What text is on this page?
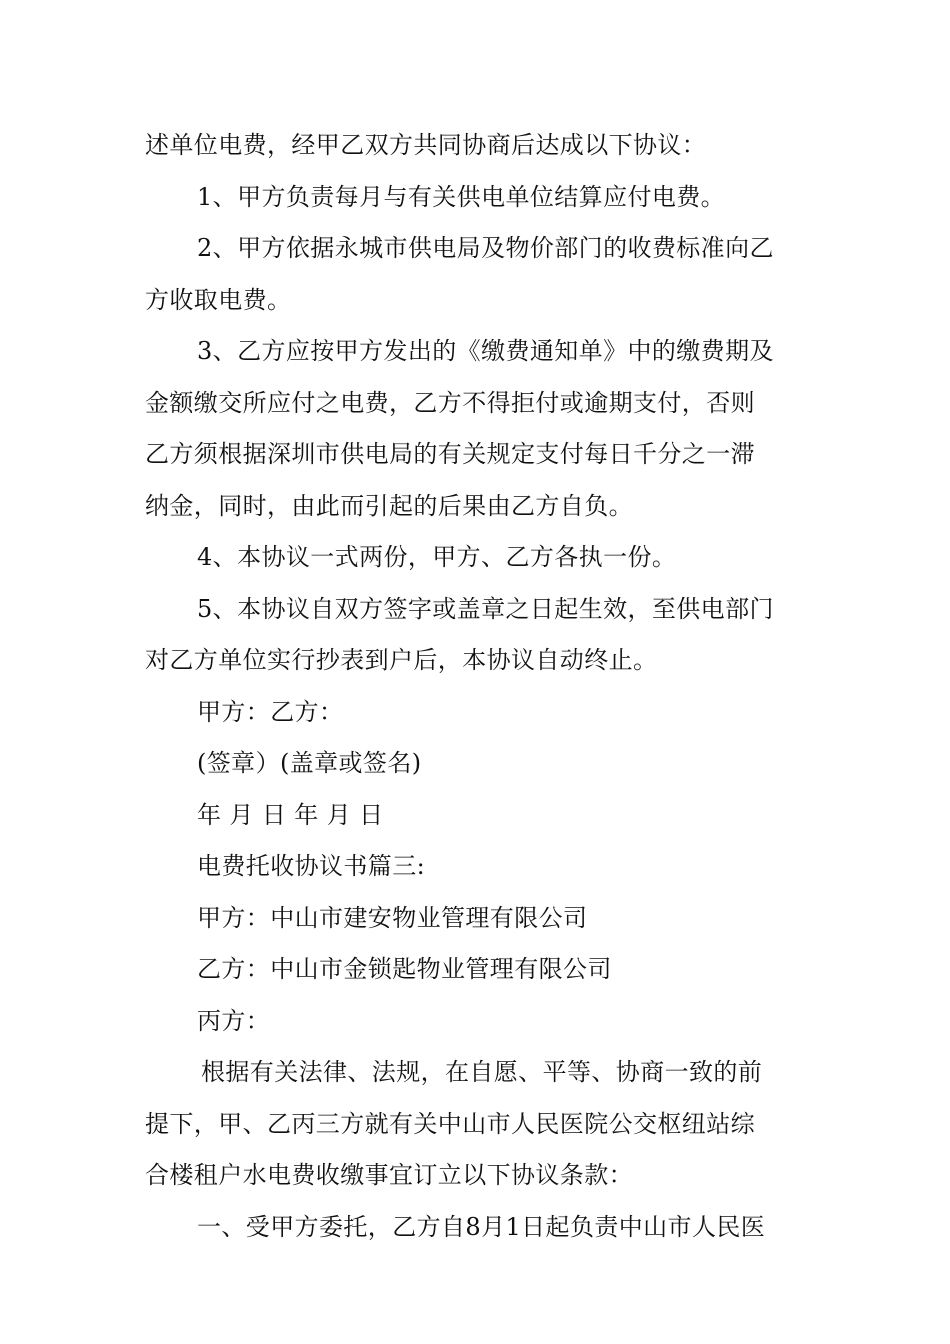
述单位电费，经甲乙双方共同协商后达成以下协议：
1、甲方负责每月与有关供电单位结算应付电费。
2、甲方依据永城市供电局及物价部门的收费标准向乙
方收取电费。
3、乙方应按甲方发出的《缴费通知单》中的缴费期及
金额缴交所应付之电费，乙方不得拒付或逾期支付，否则
乙方须根据深圳市供电局的有关规定支付每日千分之一滞
纳金，同时，由此而引起的后果由乙方自负。
4、本协议一式两份，甲方、乙方各执一份。
5、本协议自双方签字或盖章之日起生效，至供电部门
对乙方单位实行抄表到户后，本协议自动终止。
甲方：乙方：
(签章）(盖章或签名)
年 月 日 年 月 日
电费托收协议书篇三:
甲方：中山市建安物业管理有限公司
乙方：中山市金锁匙物业管理有限公司
丙方：
根据有关法律、法规，在自愿、平等、协商一致的前
提下，甲、乙丙三方就有关中山市人民医院公交枢纽站综
合楼租户水电费收缴事宜订立以下协议条款：
一、受甲方委托，乙方自8月1日起负责中山市人民医
